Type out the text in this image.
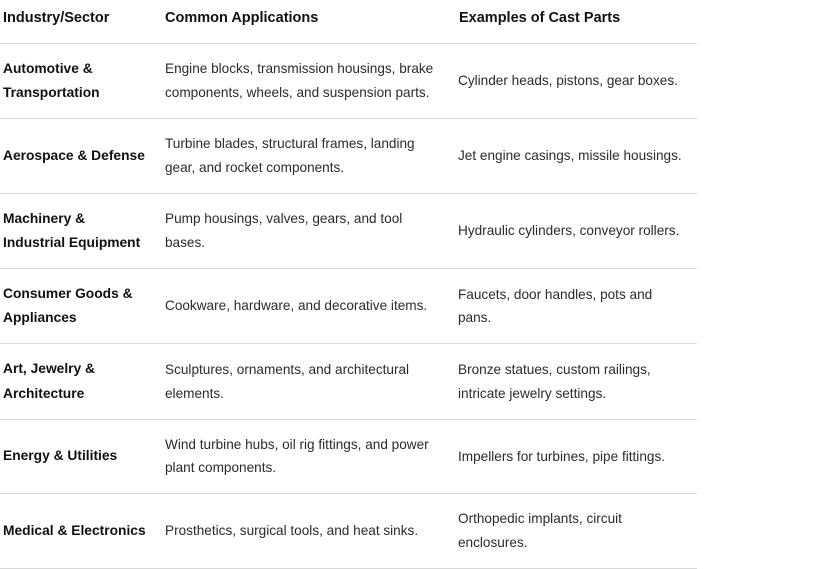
Industry/Sector	Common Applications	Examples of Cast Parts
Automotive & Transportation	Engine blocks, transmission housings, brake components, wheels, and suspension parts.	Cylinder heads, pistons, gear boxes.
Aerospace & Defense	Turbine blades, structural frames, landing gear, and rocket components.	Jet engine casings, missile housings.
Machinery & Industrial Equipment	Pump housings, valves, gears, and tool bases.	Hydraulic cylinders, conveyor rollers.
Consumer Goods & Appliances	Cookware, hardware, and decorative items.	Faucets, door handles, pots and pans.
Art, Jewelry & Architecture	Sculptures, ornaments, and architectural elements.	Bronze statues, custom railings, intricate jewelry settings.
Energy & Utilities	Wind turbine hubs, oil rig fittings, and power plant components.	Impellers for turbines, pipe fittings.
Medical & Electronics	Prosthetics, surgical tools, and heat sinks.	Orthopedic implants, circuit enclosures.
